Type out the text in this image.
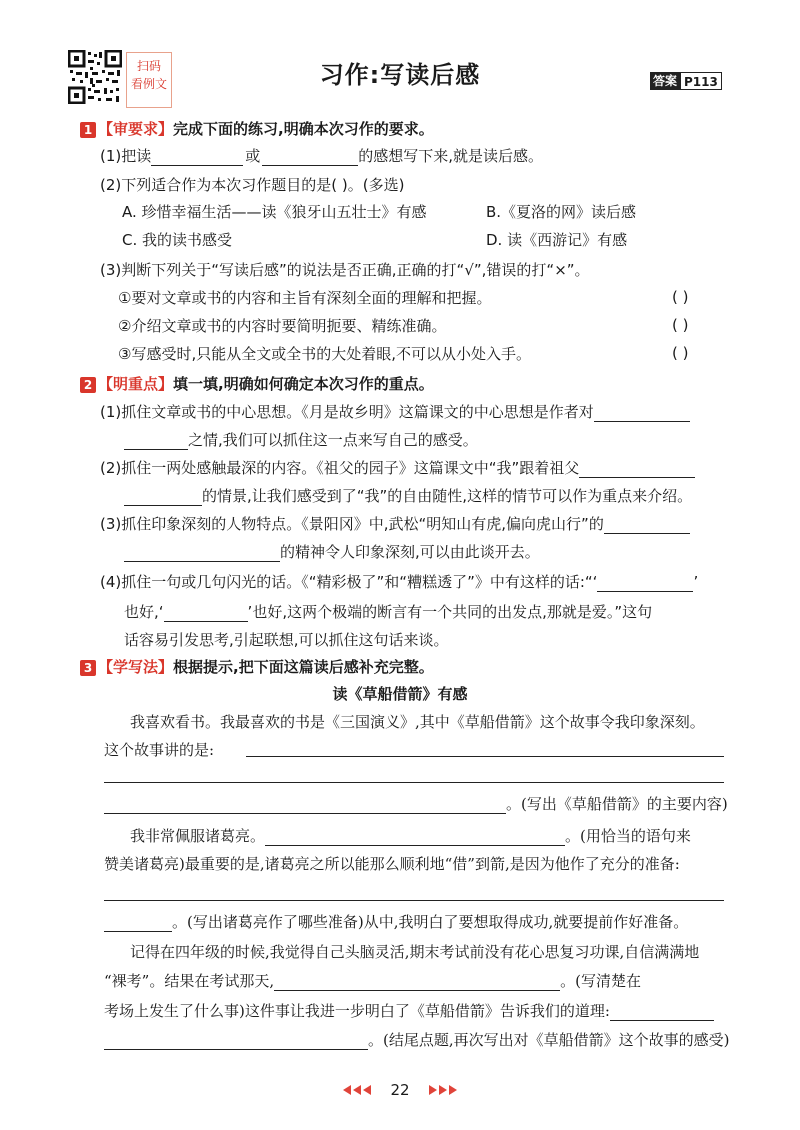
扫码
看例文	习作:写读后感	答案 P113
1 【审要求】完成下面的练习,明确本次习作的要求。
(1)把读	或	的感想写下来,就是读后感。
(2)下列适合作为本次习作题目的是( )。(多选)
A. 珍惜幸福生活——读《狼牙山五壮士》有感	B.《夏洛的网》读后感
C. 我的读书感受	D. 读《西游记》有感
(3)判断下列关于“写读后感”的说法是否正确,正确的打“√”,错误的打“×”。
①要对文章或书的内容和主旨有深刻全面的理解和把握。	( )
②介绍文章或书的内容时要简明扼要、精练准确。	( )
③写感受时,只能从全文或全书的大处着眼,不可以从小处入手。	( )
2 【明重点】填一填,明确如何确定本次习作的重点。
(1)抓住文章或书的中心思想。《月是故乡明》这篇课文的中心思想是作者对
之情,我们可以抓住这一点来写自己的感受。
(2)抓住一两处感触最深的内容。《祖父的园子》这篇课文中“我”跟着祖父
的情景,让我们感受到了“我”的自由随性,这样的情节可以作为重点来介绍。
(3)抓住印象深刻的人物特点。《景阳冈》中,武松“明知山有虎,偏向虎山行”的
的精神令人印象深刻,可以由此谈开去。
(4)抓住一句或几句闪光的话。《“精彩极了”和“糟糕透了”》中有这样的话:“‘	’
也好,‘	’也好,这两个极端的断言有一个共同的出发点,那就是爱。”这句
话容易引发思考,引起联想,可以抓住这句话来谈。
3 【学写法】根据提示,把下面这篇读后感补充完整。
读《草船借箭》有感
我喜欢看书。我最喜欢的书是《三国演义》,其中《草船借箭》这个故事令我印象深刻。
这个故事讲的是:
。(写出《草船借箭》的主要内容)
我非常佩服诸葛亮。	。(用恰当的语句来
赞美诸葛亮)最重要的是,诸葛亮之所以能那么顺利地“借”到箭,是因为他作了充分的准备:
。(写出诸葛亮作了哪些准备)从中,我明白了要想取得成功,就要提前作好准备。
记得在四年级的时候,我觉得自己头脑灵活,期末考试前没有花心思复习功课,自信满满地
“裸考”。结果在考试那天,	。(写清楚在
考场上发生了什么事)这件事让我进一步明白了《草船借箭》告诉我们的道理:
。(结尾点题,再次写出对《草船借箭》这个故事的感受)
22
